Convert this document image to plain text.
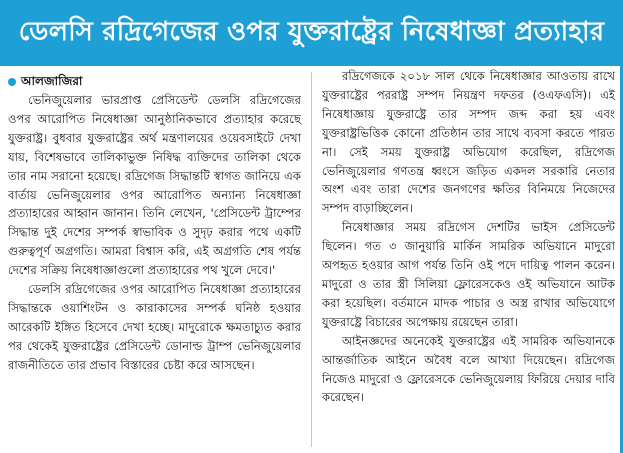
ডেলসি রদ্রিগেজের ওপর যুক্তরাষ্ট্রের নিষেধাজ্ঞা প্রত্যাহার
আলজাজিরা

ভেনিজুয়েলার ভারপ্রাপ্ত প্রেসিডেন্ট ডেলসি রদ্রিগেজের ওপর আরোপিত নিষেধাজ্ঞা আনুষ্ঠানিকভাবে প্রত্যাহার করেছে যুক্তরাষ্ট্র। বুধবার যুক্তরাষ্ট্রের অর্থ মন্ত্রণালয়ের ওয়েবসাইটে দেখা যায়, বিশেষভাবে তালিকাভুক্ত নিষিদ্ধ ব্যক্তিদের তালিকা থেকে তার নাম সরানো হয়েছে। রদ্রিগেজ সিদ্ধান্তটি স্বাগত জানিয়ে এক বার্তায় ভেনিজুয়েলার ওপর আরোপিত অন্যান্য নিষেধাজ্ঞা প্রত্যাহারের আহ্বান জানান। তিনি লেখেন, 'প্রেসিডেন্ট ট্রাম্পের সিদ্ধান্ত দুই দেশের সম্পর্ক স্বাভাবিক ও সুদৃঢ় করার পথে একটি গুরুত্বপূর্ণ অগ্রগতি। আমরা বিশ্বাস করি, এই অগ্রগতি শেষ পর্যন্ত দেশের সক্রিয় নিষেধাজ্ঞাগুলো প্রত্যাহারের পথ খুলে দেবে।'

ডেলসি রদ্রিগেজের ওপর আরোপিত নিষেধাজ্ঞা প্রত্যাহারের সিদ্ধান্তকে ওয়াশিংটন ও কারাকাসের সম্পর্ক ঘনিষ্ঠ হওয়ার আরেকটি ইঙ্গিত হিসেবে দেখা হচ্ছে। মাদুরোকে ক্ষমতাচ্যুত করার পর থেকেই যুক্তরাষ্ট্রের প্রেসিডেন্ট ডোনাল্ড ট্রাম্প ভেনিজুয়েলার রাজনীতিতে তার প্রভাব বিস্তারের চেষ্টা করে আসছেন।

রদ্রিগেজকে ২০১৮ সাল থেকে নিষেধাজ্ঞার আওতায় রাখে যুক্তরাষ্ট্রের পররাষ্ট্র সম্পদ নিয়ন্ত্রণ দফতর (ওএফএসি)। এই নিষেধাজ্ঞায় যুক্তরাষ্ট্রে তার সম্পদ জব্দ করা হয় এবং যুক্তরাষ্ট্রভিত্তিক কোনো প্রতিষ্ঠান তার সাথে ব্যবসা করতে পারত না। সেই সময় যুক্তরাষ্ট্র অভিযোগ করেছিল, রদ্রিগেজ ভেনিজুয়েলার গণতন্ত্র ধ্বংসে জড়িত একদল সরকারি নেতার অংশ এবং তারা দেশের জনগণের ক্ষতির বিনিময়ে নিজেদের সম্পদ বাড়াচ্ছিলেন।

নিষেধাজ্ঞার সময় রদ্রিগেস দেশটির ভাইস প্রেসিডেন্ট ছিলেন। গত ৩ জানুয়ারি মার্কিন সামরিক অভিযানে মাদুরো অপহৃত হওয়ার আগ পর্যন্ত তিনি ওই পদে দায়িত্ব পালন করেন। মাদুরো ও তার স্ত্রী সিলিয়া ফ্লোরেসকেও ওই অভিযানে আটক করা হয়েছিল। বর্তমানে মাদক পাচার ও অস্ত্র রাখার অভিযোগে যুক্তরাষ্ট্রে বিচারের অপেক্ষায় রয়েছেন তারা।

আইনজ্ঞদের অনেকেই যুক্তরাষ্ট্রের এই সামরিক অভিযানকে আন্তর্জাতিক আইনে অবৈধ বলে আখ্যা দিয়েছেন। রদ্রিগেজ নিজেও মাদুরো ও ফ্লোরেসকে ভেনিজুয়েলায় ফিরিয়ে দেয়ার দাবি করেছেন।
